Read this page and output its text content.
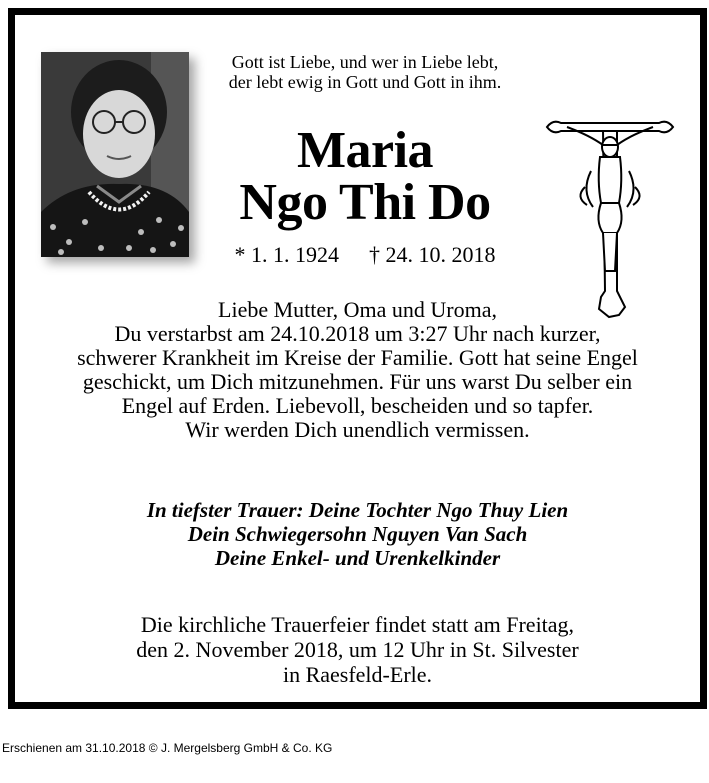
Gott ist Liebe, und wer in Liebe lebt,
der lebt ewig in Gott und Gott in ihm.
Maria
Ngo Thi Do
* 1. 1. 1924 † 24. 10. 2018
Liebe Mutter, Oma und Uroma,
Du verstarbst am 24.10.2018 um 3:27 Uhr nach kurzer,
schwerer Krankheit im Kreise der Familie. Gott hat seine Engel
geschickt, um Dich mitzunehmen. Für uns warst Du selber ein
Engel auf Erden. Liebevoll, bescheiden und so tapfer.
Wir werden Dich unendlich vermissen.
In tiefster Trauer: Deine Tochter Ngo Thuy Lien
Dein Schwiegersohn Nguyen Van Sach
Deine Enkel- und Urenkelkinder
Die kirchliche Trauerfeier findet statt am Freitag,
den 2. November 2018, um 12 Uhr in St. Silvester
in Raesfeld-Erle.
Erschienen am 31.10.2018 © J. Mergelsberg GmbH & Co. KG
